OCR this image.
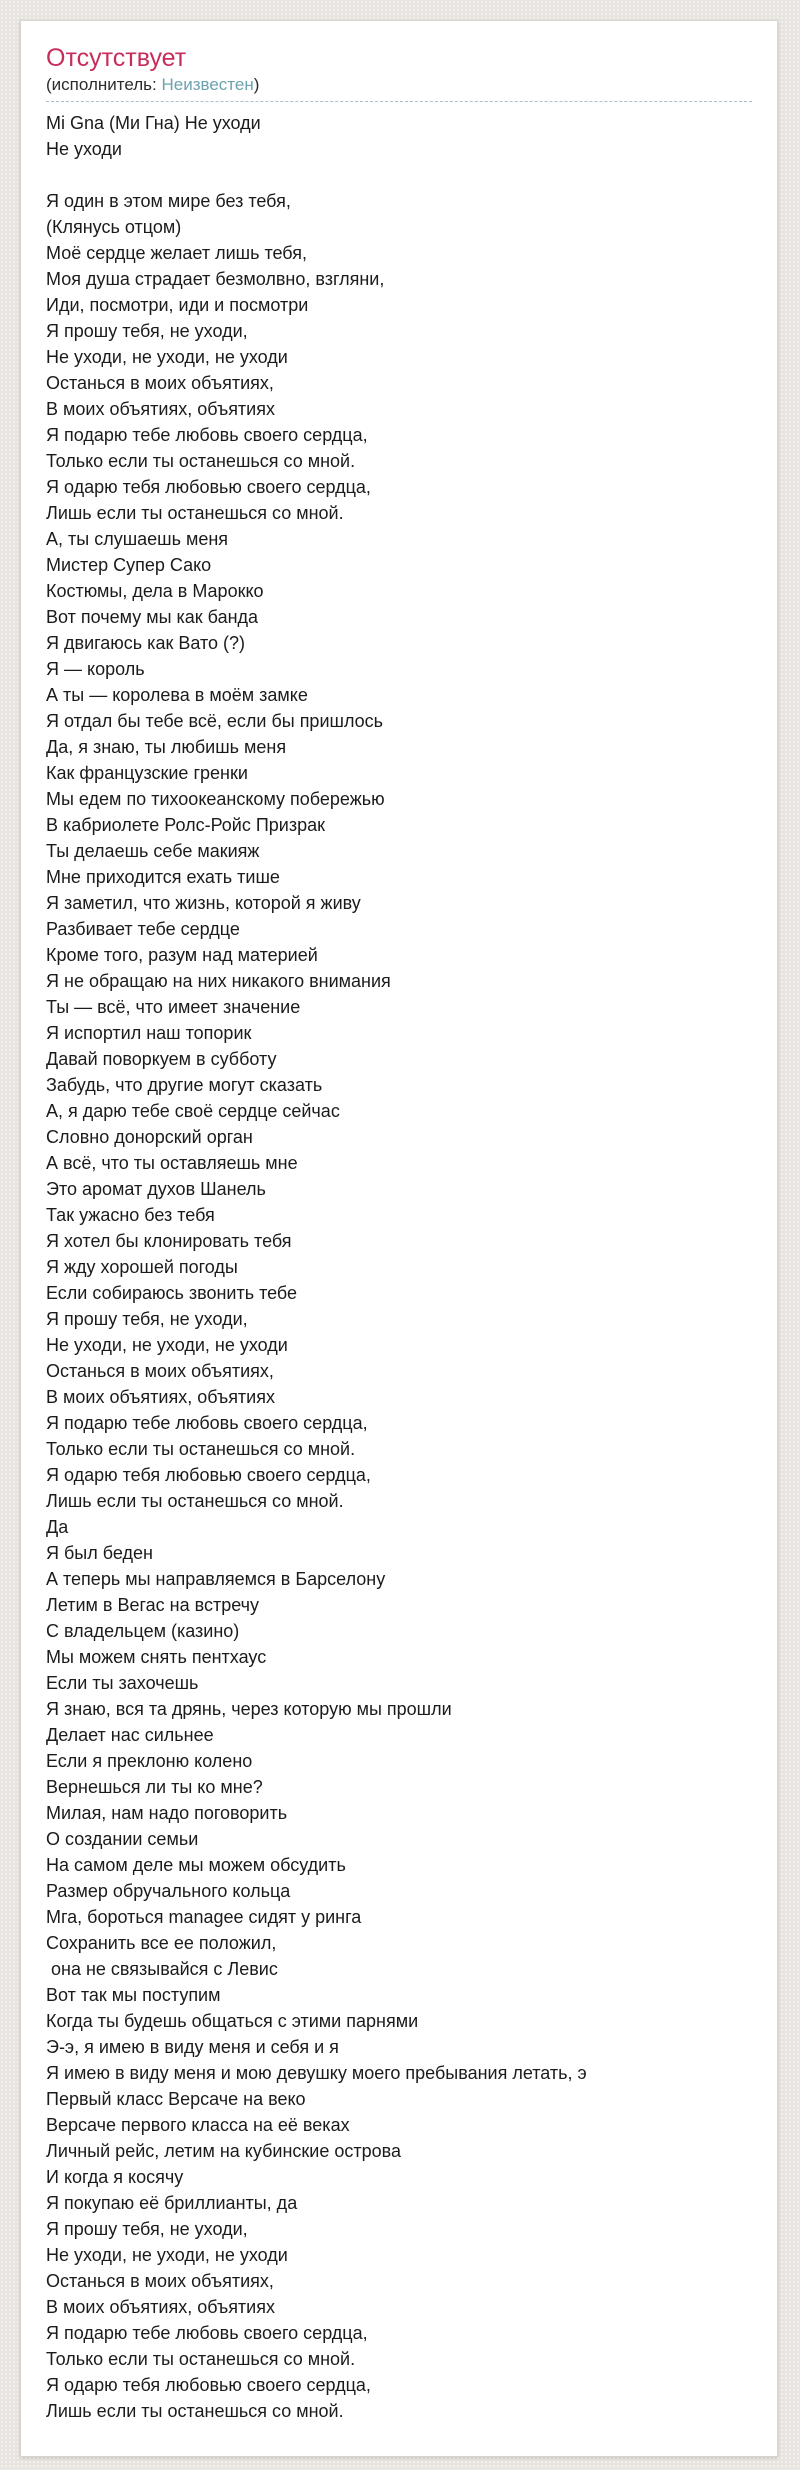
Отсутствует
(исполнитель: Неизвестен)
Mi Gna (Ми Гна) Не уходи
Не уходи

Я один в этом мире без тебя,
(Клянусь отцом)
Моё сердце желает лишь тебя,
Моя душа страдает безмолвно, взгляни,
Иди, посмотри, иди и посмотри
Я прошу тебя, не уходи,
Не уходи, не уходи, не уходи
Останься в моих объятиях,
В моих объятиях, объятиях
Я подарю тебе любовь своего сердца,
Только если ты останешься со мной.
Я одарю тебя любовью своего сердца,
Лишь если ты останешься со мной.
А, ты слушаешь меня
Мистер Супер Сако
Костюмы, дела в Марокко
Вот почему мы как банда
Я двигаюсь как Вато (?)
Я — король
А ты — королева в моём замке
Я отдал бы тебе всё, если бы пришлось
Да, я знаю, ты любишь меня
Как французские гренки
Мы едем по тихоокеанскому побережью
В кабриолете Ролс-Ройс Призрак
Ты делаешь себе макияж
Мне приходится ехать тише
Я заметил, что жизнь, которой я живу
Разбивает тебе сердце
Кроме того, разум над материей
Я не обращаю на них никакого внимания
Ты — всё, что имеет значение
Я испортил наш топорик
Давай поворкуем в субботу
Забудь, что другие могут сказать
А, я дарю тебе своё сердце сейчас
Словно донорский орган
А всё, что ты оставляешь мне
Это аромат духов Шанель
Так ужасно без тебя
Я хотел бы клонировать тебя
Я жду хорошей погоды
Если собираюсь звонить тебе
Я прошу тебя, не уходи,
Не уходи, не уходи, не уходи
Останься в моих объятиях,
В моих объятиях, объятиях
Я подарю тебе любовь своего сердца,
Только если ты останешься со мной.
Я одарю тебя любовью своего сердца,
Лишь если ты останешься со мной.
Да
Я был беден
А теперь мы направляемся в Барселону
Летим в Вегас на встречу
С владельцем (казино)
Мы можем снять пентхаус
Если ты захочешь
Я знаю, вся та дрянь, через которую мы прошли
Делает нас сильнее
Если я преклоню колено
Вернешься ли ты ко мне?
Милая, нам надо поговорить
О создании семьи
На самом деле мы можем обсудить
Размер обручального кольца
Мга, бороться managee сидят у ринга
Сохранить все ее положил,
она не связывайся с Левис
Вот так мы поступим
Когда ты будешь общаться с этими парнями
Э-э, я имею в виду меня и себя и я
Я имею в виду меня и мою девушку моего пребывания летать, э
Первый класс Версаче на веко
Версаче первого класса на её веках
Личный рейс, летим на кубинские острова
И когда я косячу
Я покупаю её бриллианты, да
Я прошу тебя, не уходи,
Не уходи, не уходи, не уходи
Останься в моих объятиях,
В моих объятиях, объятиях
Я подарю тебе любовь своего сердца,
Только если ты останешься со мной.
Я одарю тебя любовью своего сердца,
Лишь если ты останешься со мной.
